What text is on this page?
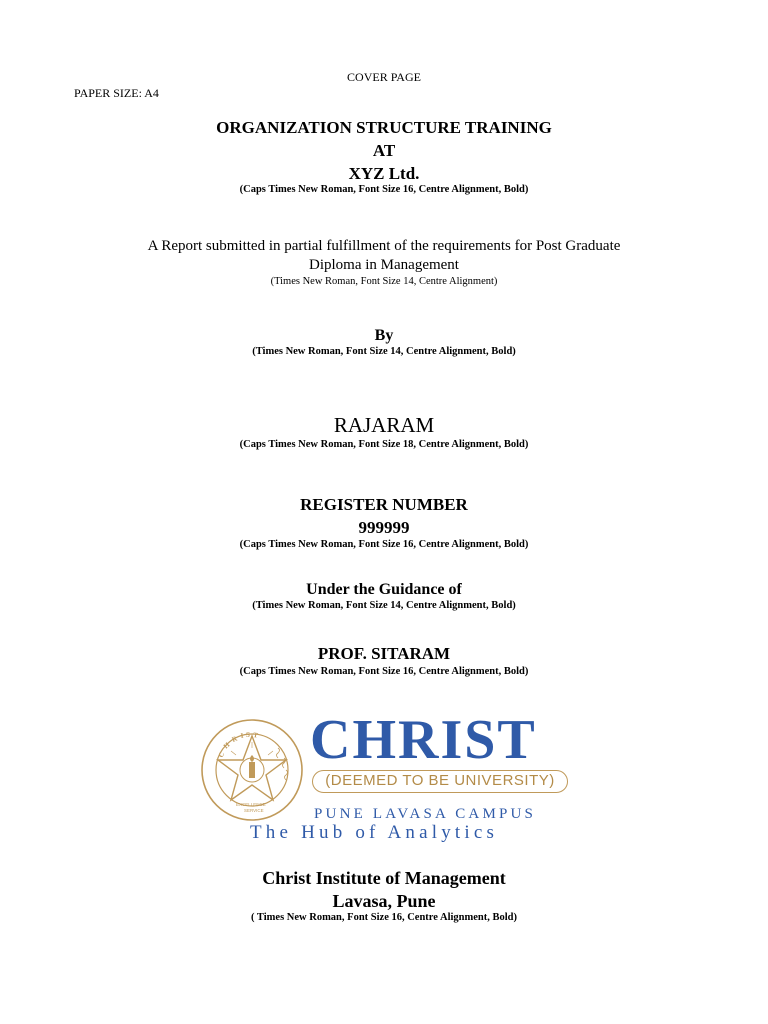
COVER PAGE
PAPER SIZE: A4
ORGANIZATION STRUCTURE TRAINING
AT
XYZ Ltd.
(Caps Times New Roman, Font Size 16, Centre Alignment, Bold)
A Report submitted in partial fulfillment of the requirements for Post Graduate
Diploma in Management
(Times New Roman, Font Size 14, Centre Alignment)
By
(Times New Roman, Font Size 14, Centre Alignment, Bold)
RAJARAM
(Caps Times New Roman, Font Size 18, Centre Alignment, Bold)
REGISTER NUMBER
999999
(Caps Times New Roman, Font Size 16, Centre Alignment, Bold)
Under the Guidance of
(Times New Roman, Font Size 14, Centre Alignment, Bold)
PROF. SITARAM
(Caps Times New Roman, Font Size 16, Centre Alignment, Bold)
C
H
R I S T
EXCELLENCE
SERVICE
CHRIST
(DEEMED TO BE UNIVERSITY)
PUNE LAVASA CAMPUS
The Hub of Analytics
Christ Institute of Management
Lavasa, Pune
( Times New Roman, Font Size 16, Centre Alignment, Bold)
